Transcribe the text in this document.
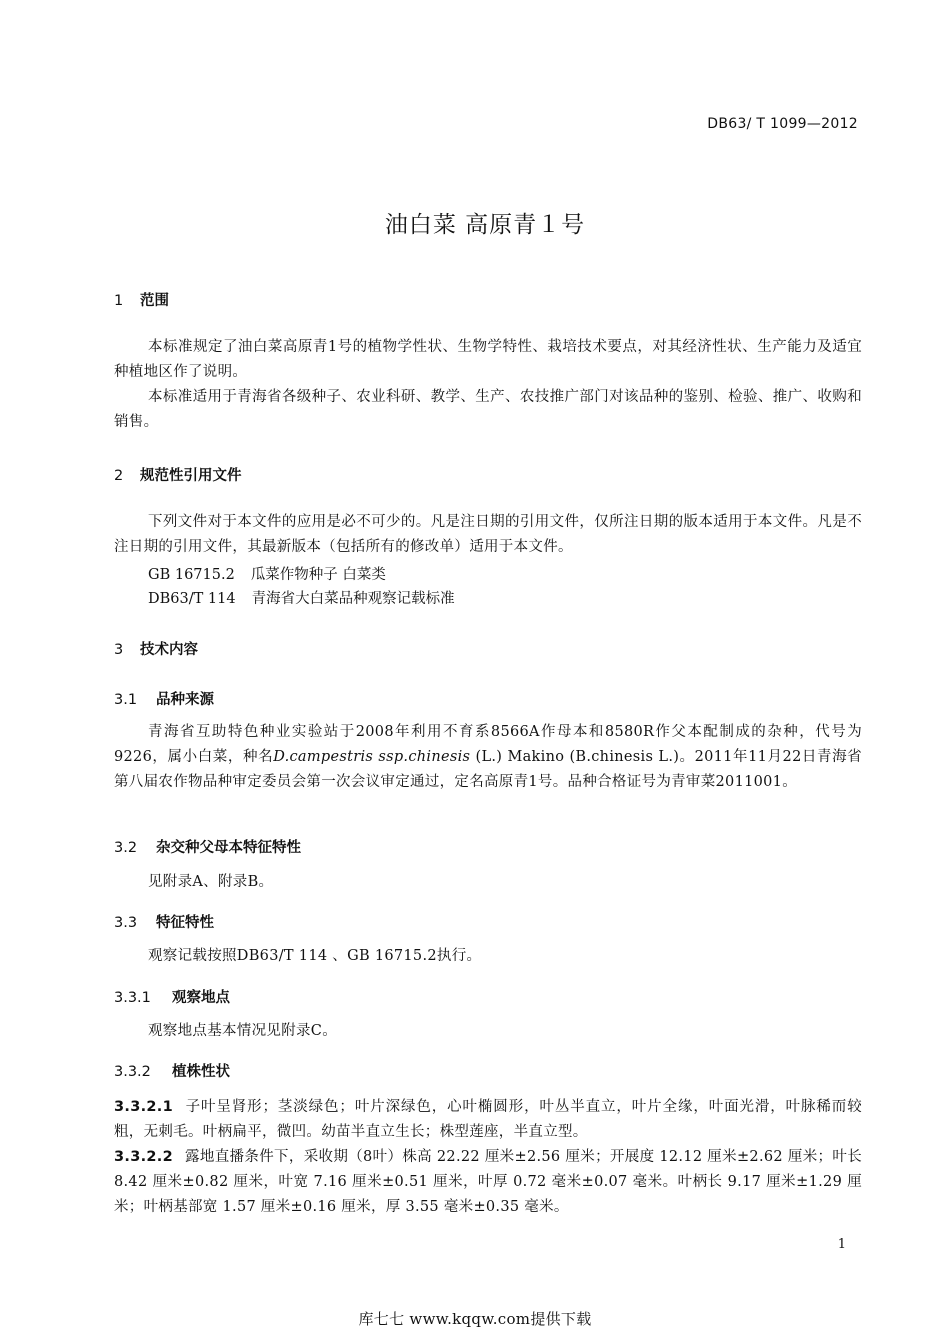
DB63/ T 1099—2012
油白菜 高原青１号
1 范围

本标准规定了油白菜高原青1号的植物学性状、生物学特性、栽培技术要点，对其经济性状、生产能力及适宜种植地区作了说明。

本标准适用于青海省各级种子、农业科研、教学、生产、农技推广部门对该品种的鉴别、检验、推广、收购和销售。

2 规范性引用文件

下列文件对于本文件的应用是必不可少的。凡是注日期的引用文件，仅所注日期的版本适用于本文件。凡是不注日期的引用文件，其最新版本（包括所有的修改单）适用于本文件。

GB 16715.2 瓜菜作物种子 白菜类
DB63/T 114 青海省大白菜品种观察记载标准
3 技术内容
3.1 品种来源

青海省互助特色种业实验站于2008年利用不育系8566A作母本和8580R作父本配制成的杂种，代号为9226，属小白菜，种名D.campestris ssp.chinesis (L.) Makino (B.chinesis L.)。2011年11月22日青海省第八届农作物品种审定委员会第一次会议审定通过，定名高原青1号。品种合格证号为青审菜2011001。

3.2 杂交种父母本特征特性

见附录A、附录B。

3.3 特征特性

观察记载按照DB63/T 114 、GB 16715.2执行。

3.3.1 观察地点

观察地点基本情况见附录C。

3.3.2 植株性状

3.3.2.1 子叶呈肾形；茎淡绿色；叶片深绿色，心叶椭圆形，叶丛半直立，叶片全缘，叶面光滑，叶脉稀而较粗，无刺毛。叶柄扁平，微凹。幼苗半直立生长；株型莲座，半直立型。

3.3.2.2 露地直播条件下，采收期（8叶）株高 22.22 厘米±2.56 厘米；开展度 12.12 厘米±2.62 厘米；叶长 8.42 厘米±0.82 厘米，叶宽 7.16 厘米±0.51 厘米，叶厚 0.72 毫米±0.07 毫米。叶柄长 9.17 厘米±1.29 厘米；叶柄基部宽 1.57 厘米±0.16 厘米，厚 3.55 毫米±0.35 毫米。

1
库七七 www.kqqw.com提供下载
